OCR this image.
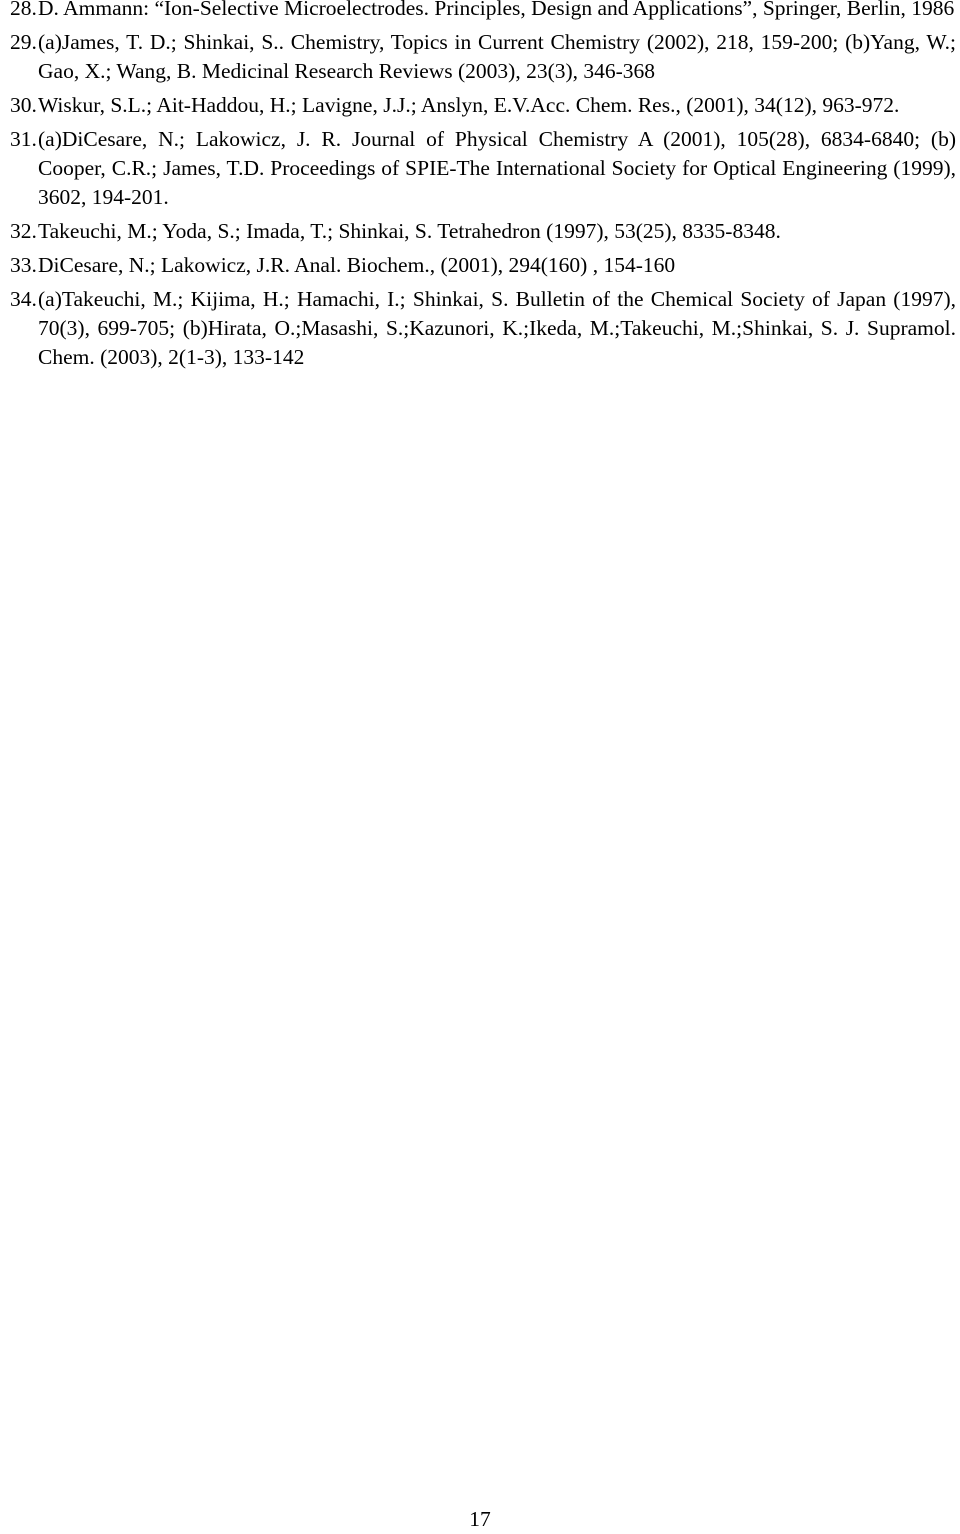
28. D. Ammann: “Ion-Selective Microelectrodes. Principles, Design and Applications”, Springer, Berlin, 1986
29. (a)James, T. D.; Shinkai, S.. Chemistry, Topics in Current Chemistry (2002), 218, 159-200; (b)Yang, W.; Gao, X.; Wang, B. Medicinal Research Reviews (2003), 23(3), 346-368
30. Wiskur, S.L.; Ait-Haddou, H.; Lavigne, J.J.; Anslyn, E.V.Acc. Chem. Res., (2001), 34(12), 963-972.
31. (a)DiCesare, N.; Lakowicz, J. R. Journal of Physical Chemistry A (2001), 105(28), 6834-6840; (b) Cooper, C.R.; James, T.D. Proceedings of SPIE-The International Society for Optical Engineering (1999), 3602, 194-201.
32. Takeuchi, M.; Yoda, S.; Imada, T.; Shinkai, S. Tetrahedron (1997), 53(25), 8335-8348.
33. DiCesare, N.; Lakowicz, J.R. Anal. Biochem., (2001), 294(160) , 154-160
34. (a)Takeuchi, M.; Kijima, H.; Hamachi, I.; Shinkai, S. Bulletin of the Chemical Society of Japan (1997), 70(3), 699-705; (b)Hirata, O.;Masashi, S.;Kazunori, K.;Ikeda, M.;Takeuchi, M.;Shinkai, S. J. Supramol. Chem. (2003), 2(1-3), 133-142
17
